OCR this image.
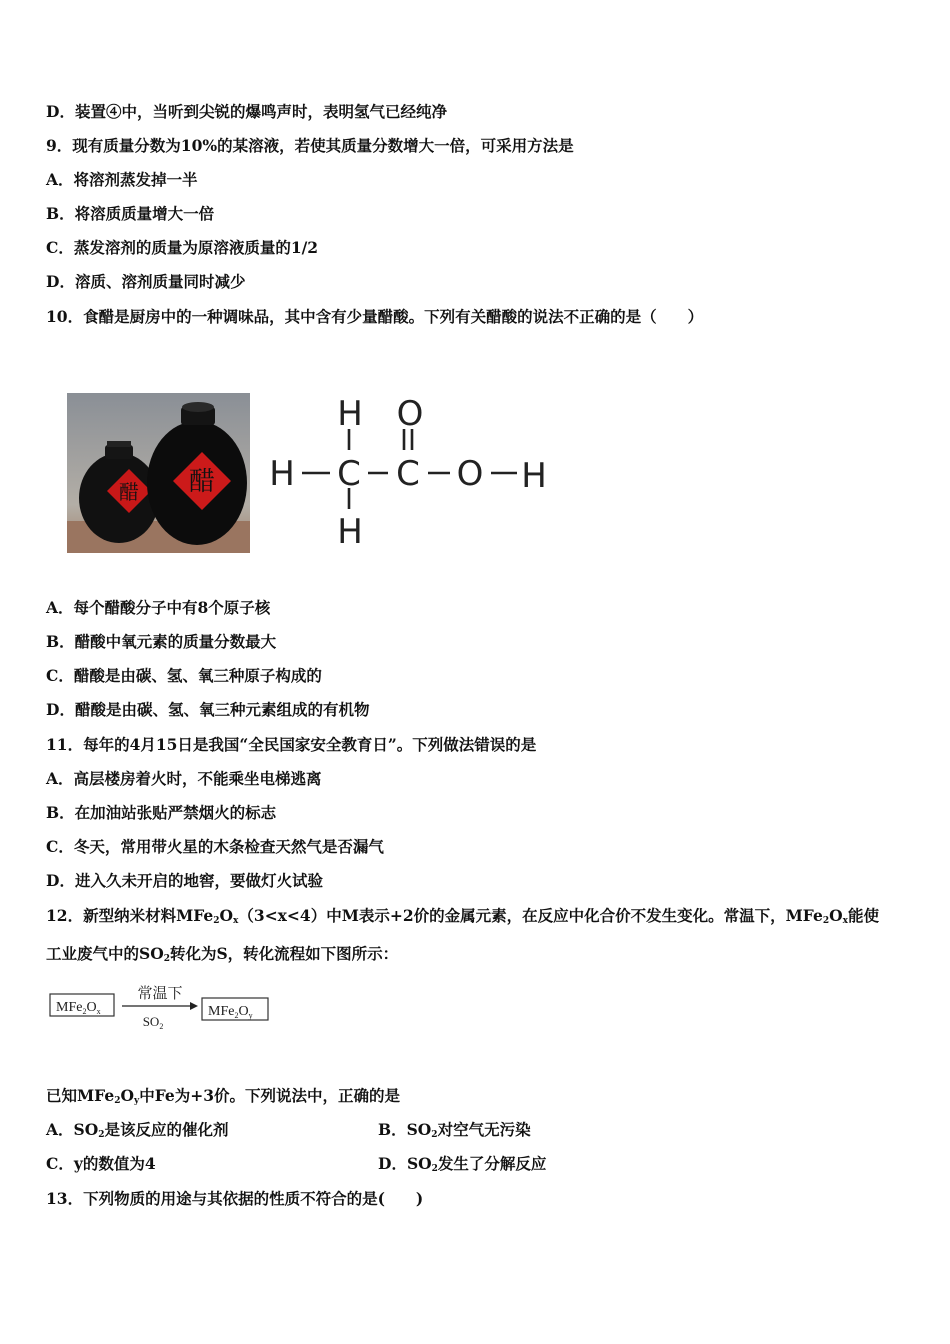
D．装置④中，当听到尖锐的爆鸣声时，表明氢气已经纯净
9．现有质量分数为10%的某溶液，若使其质量分数增大一倍，可采用方法是
A．将溶剂蒸发掉一半
B．将溶质质量增大一倍
C．蒸发溶剂的质量为原溶液质量的1/2
D．溶质、溶剂质量同时减少
10．食醋是厨房中的一种调味品，其中含有少量醋酸。下列有关醋酸的说法不正确的是（　　）
醋 醋
H
H C C
O
O H
H
A．每个醋酸分子中有8个原子核
B．醋酸中氧元素的质量分数最大
C．醋酸是由碳、氢、氧三种原子构成的
D．醋酸是由碳、氢、氧三种元素组成的有机物
11．每年的4月15日是我国“全民国家安全教育日”。下列做法错误的是
A．高层楼房着火时，不能乘坐电梯逃离
B．在加油站张贴严禁烟火的标志
C．冬天，常用带火星的木条检查天然气是否漏气
D．进入久未开启的地窖，要做灯火试验
12．新型纳米材料$MFe_2O_x(3<x<4)$中M表示+2价的金属元素，在反应中化合价不发生变化。常温下，$MFe_2O_x$能使
工业废气中的$SO_2$转化为S，转化流程如下图所示：
$MFe_2O_x$
常温下
$SO_2$
$MFe_2O_y$
已知$MFe_2O_y$中Fe为+3价。下列说法中，正确的是
A．$SO_2$是该反应的催化剂	B．$SO_2$对空气无污染
C．y的数值为4	D．$SO_2$发生了分解反应
13．下列物质的用途与其依据的性质不符合的是(　　)
